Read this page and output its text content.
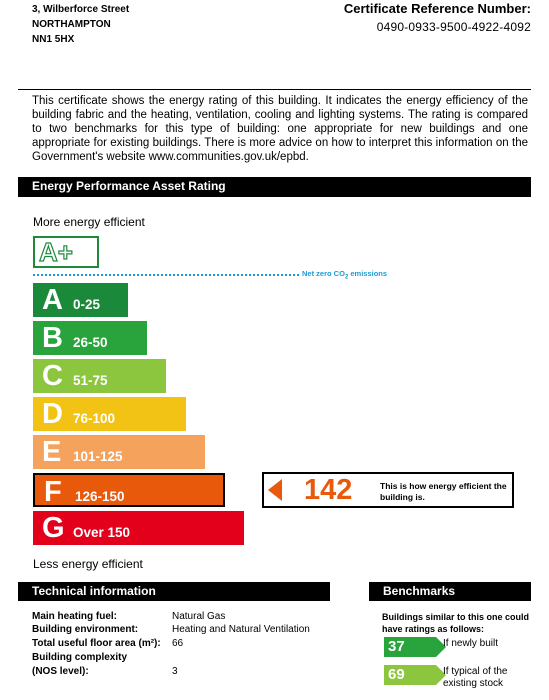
3, Wilberforce Street
NORTHAMPTON
NN1 5HX
Certificate Reference Number:
0490-0933-9500-4922-4092
This certificate shows the energy rating of this building. It indicates the energy efficiency of the building fabric and the heating, ventilation, cooling and lighting systems. The rating is compared to two benchmarks for this type of building: one appropriate for new buildings and one appropriate for existing buildings. There is more advice on how to interpret this information on the Government's website www.communities.gov.uk/epbd.
Energy Performance Asset Rating
More energy efficient
A+
Net zero $CO_2$ emissions
A 0-25
B 26-50
C 51-75
D 76-100
E 101-125
F 126-150
G Over 150
142	This is how energy efficient the building is.
Less energy efficient
Technical information
Main heating fuel:	Natural Gas
Building environment:	Heating and Natural Ventilation
Total useful floor area (m²): 66
Building complexity
(NOS level):	3
Benchmarks
Buildings similar to this one could have ratings as follows:
37	If newly built
69	If typical of the existing stock
